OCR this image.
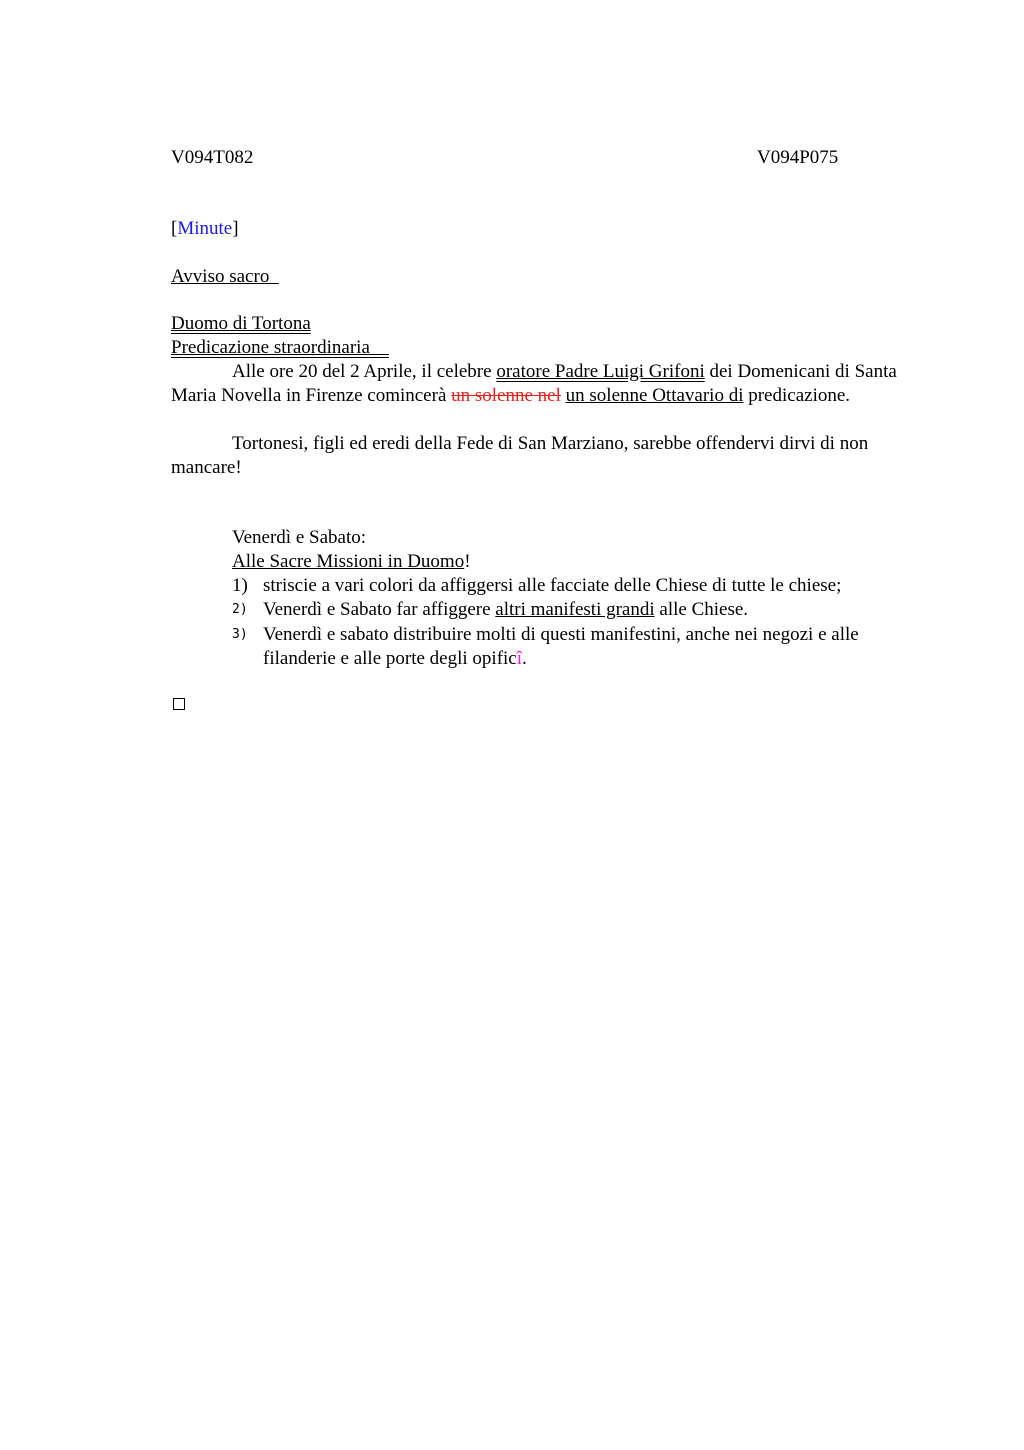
V094T082	V094P075
[Minute]
Avviso sacro
Duomo di Tortona
Predicazione straordinaria
Alle ore 20 del 2 Aprile, il celebre oratore Padre Luigi Grifoni dei Domenicani di Santa Maria Novella in Firenze comincerà un solenne nel un solenne Ottavario di predicazione.
Tortonesi, figli ed eredi della Fede di San Marziano, sarebbe offendervi dirvi di non mancare!
Venerdì e Sabato:
Alle Sacre Missioni in Duomo!
1) striscie a vari colori da affiggersi alle facciate delle Chiese di tutte le chiese;
2) Venerdì e Sabato far affiggere altri manifesti grandi alle Chiese.
3) Venerdì e sabato distribuire molti di questi manifestini, anche nei negozi e alle filanderie e alle porte degli opificî.
